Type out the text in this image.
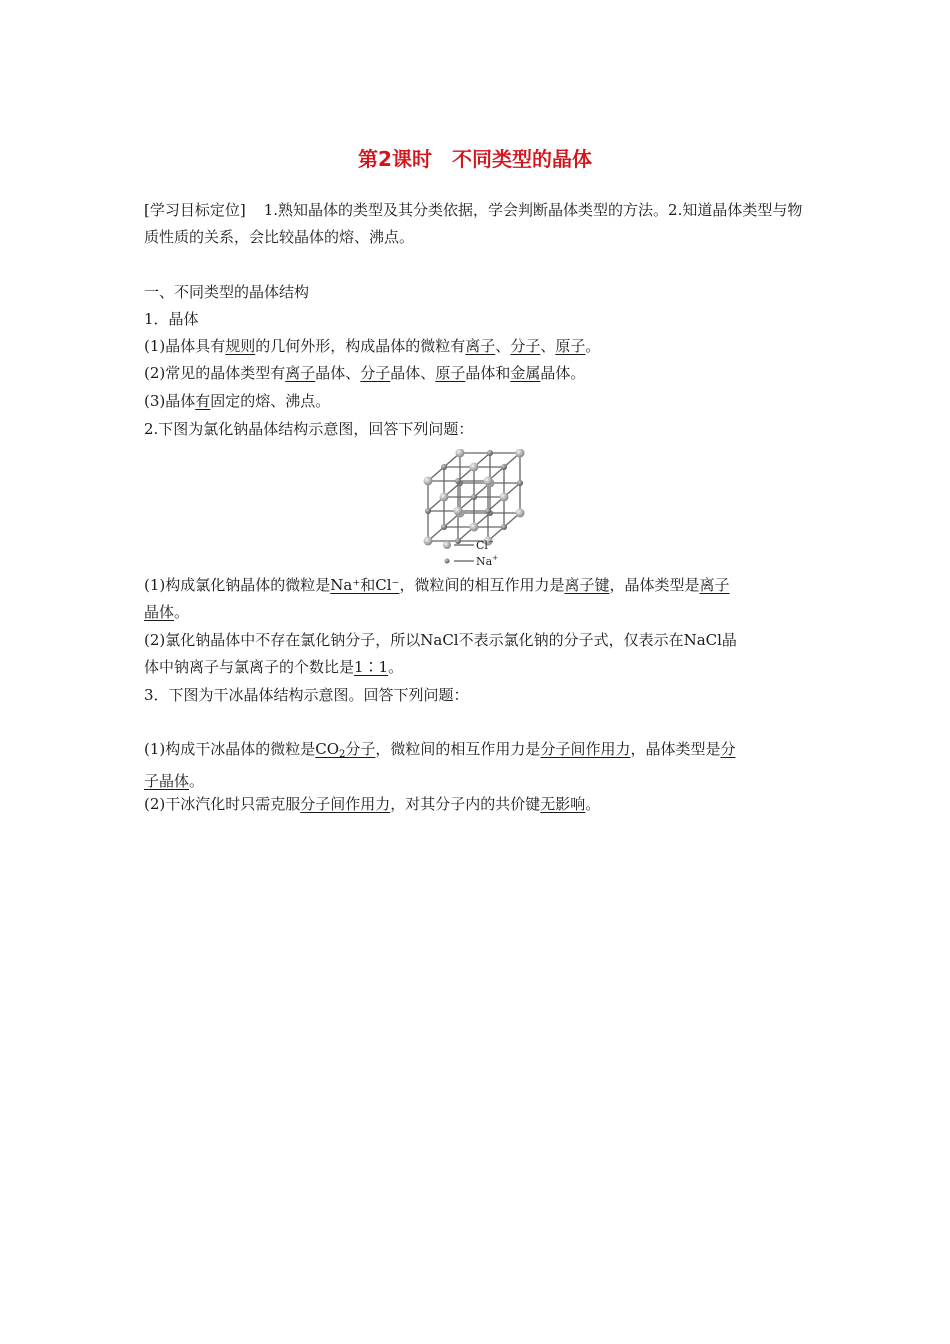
第2课时　不同类型的晶体

[学习目标定位] 1.熟知晶体的类型及其分类依据，学会判断晶体类型的方法。2.知道晶体类型与物质性质的关系，会比较晶体的熔、沸点。

一、不同类型的晶体结构

1．晶体

(1)晶体具有规则的几何外形，构成晶体的微粒有离子、分子、原子。

(2)常见的晶体类型有离子晶体、分子晶体、原子晶体和金属晶体。

(3)晶体有固定的熔、沸点。

2.下图为氯化钠晶体结构示意图，回答下列问题：

Cl−
Na+

(1)构成氯化钠晶体的微粒是Na⁺和Cl⁻，微粒间的相互作用力是离子键，晶体类型是离子
晶体。

(2)氯化钠晶体中不存在氯化钠分子，所以NaCl不表示氯化钠的分子式，仅表示在NaCl晶
体中钠离子与氯离子的个数比是1∶1。

3．下图为干冰晶体结构示意图。回答下列问题：

(1)构成干冰晶体的微粒是$CO_2$分子，微粒间的相互作用力是分子间作用力，晶体类型是分
子晶体。

(2)干冰汽化时只需克服分子间作用力，对其分子内的共价键无影响。
